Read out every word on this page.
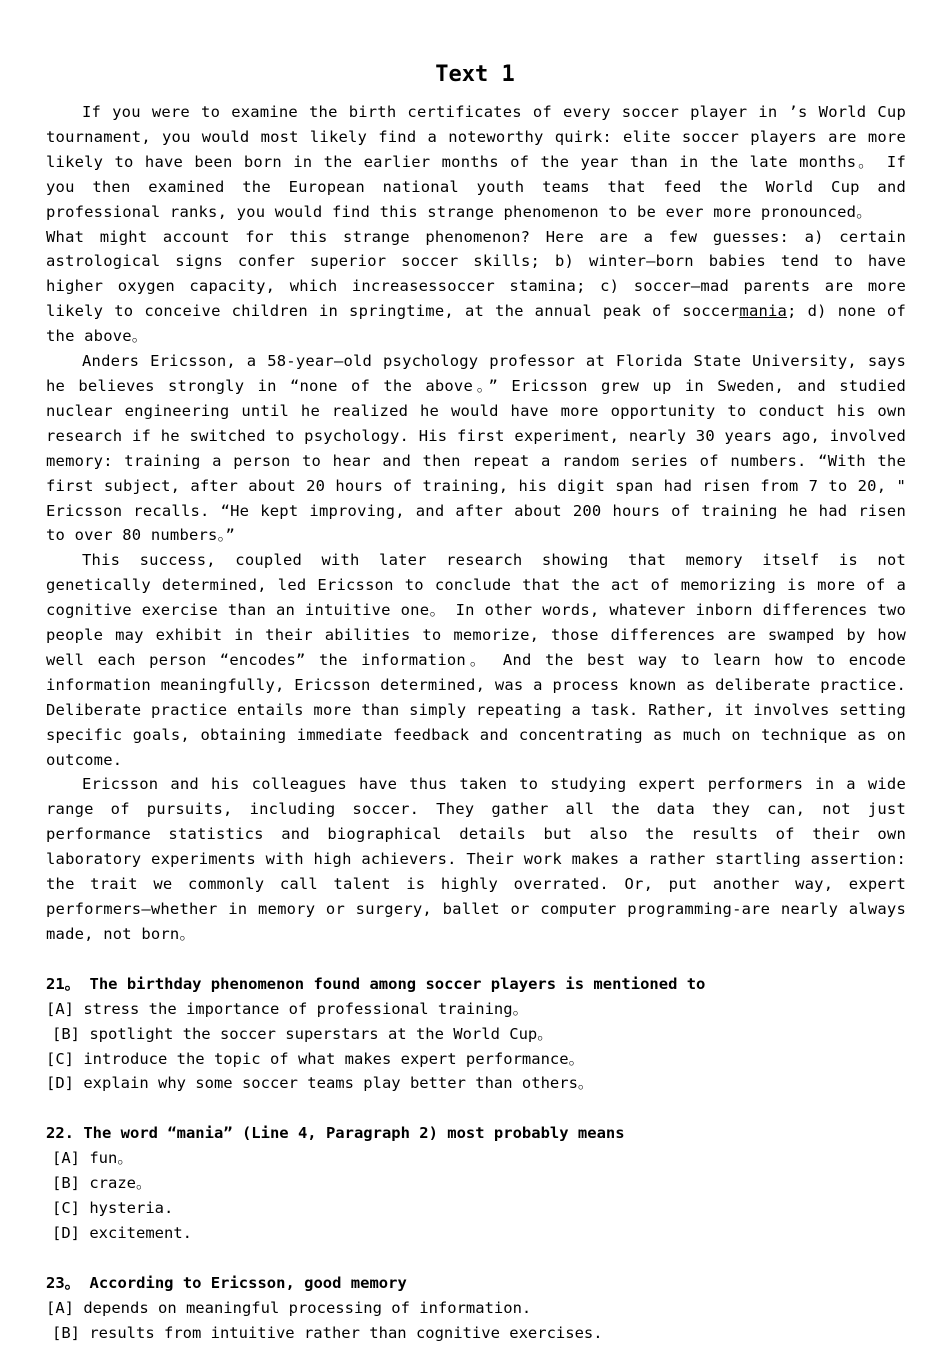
Text 1

If you were to examine the birth certificates of every soccer player in ’s World Cup tournament, you would most likely find a noteworthy quirk: elite soccer players are more likely to have been born in the earlier months of the year than in the late months。 If you then examined the European national youth teams that feed the World Cup and professional ranks, you would find this strange phenomenon to be ever more pronounced。

What might account for this strange phenomenon? Here are a few guesses: a) certain astrological signs confer superior soccer skills; b) winter—born babies tend to have higher oxygen capacity, which increasessoccer stamina; c) soccer—mad parents are more likely to conceive children in springtime, at the annual peak of soccermania; d) none of the above。

Anders Ericsson, a 58-year—old psychology professor at Florida State University, says he believes strongly in “none of the above。” Ericsson grew up in Sweden, and studied nuclear engineering until he realized he would have more opportunity to conduct his own research if he switched to psychology. His first experiment, nearly 30 years ago, involved memory: training a person to hear and then repeat a random series of numbers. “With the first subject, after about 20 hours of training, his digit span had risen from 7 to 20, " Ericsson recalls. “He kept improving, and after about 200 hours of training he had risen to over 80 numbers。”

This success, coupled with later research showing that memory itself is not genetically determined, led Ericsson to conclude that the act of memorizing is more of a cognitive exercise than an intuitive one。 In other words, whatever inborn differences two people may exhibit in their abilities to memorize, those differences are swamped by how well each person “encodes” the information。 And the best way to learn how to encode information meaningfully, Ericsson determined, was a process known as deliberate practice. Deliberate practice entails more than simply repeating a task. Rather, it involves setting specific goals, obtaining immediate feedback and concentrating as much on technique as on outcome.

Ericsson and his colleagues have thus taken to studying expert performers in a wide range of pursuits, including soccer. They gather all the data they can, not just performance statistics and biographical details but also the results of their own laboratory experiments with high achievers. Their work makes a rather startling assertion: the trait we commonly call talent is highly overrated. Or, put another way, expert performers—whether in memory or surgery, ballet or computer programming-are nearly always made, not born。

21。 The birthday phenomenon found among soccer players is mentioned to

[A] stress the importance of professional training。

[B] spotlight the soccer superstars at the World Cup。

[C] introduce the topic of what makes expert performance。

[D] explain why some soccer teams play better than others。

22. The word “mania” (Line 4, Paragraph 2) most probably means

[A] fun。

[B] craze。

[C] hysteria.

[D] excitement.

23。 According to Ericsson, good memory

[A] depends on meaningful processing of information.

[B] results from intuitive rather than cognitive exercises.
